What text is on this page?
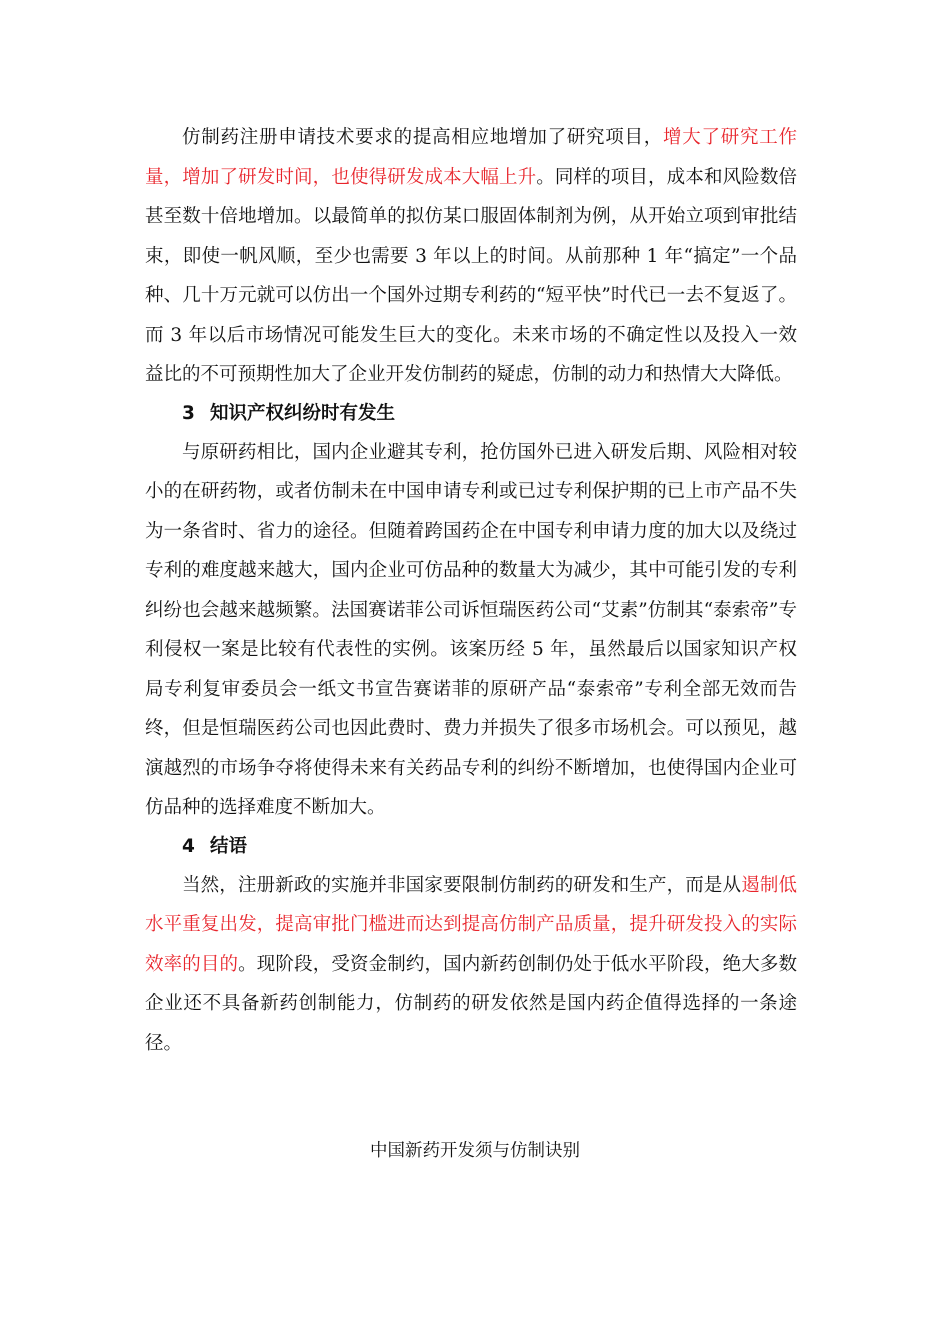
仿制药注册申请技术要求的提高相应地增加了研究项目，增大了研究工作量，增加了研发时间，也使得研发成本大幅上升。同样的项目，成本和风险数倍甚至数十倍地增加。以最简单的拟仿某口服固体制剂为例，从开始立项到审批结束，即使一帆风顺，至少也需要 3 年以上的时间。从前那种 1 年“搞定”一个品种、几十万元就可以仿出一个国外过期专利药的“短平快”时代已一去不复返了。而 3 年以后市场情况可能发生巨大的变化。未来市场的不确定性以及投入一效益比的不可预期性加大了企业开发仿制药的疑虑，仿制的动力和热情大大降低。

3 知识产权纠纷时有发生

与原研药相比，国内企业避其专利，抢仿国外已进入研发后期、风险相对较小的在研药物，或者仿制未在中国申请专利或已过专利保护期的已上市产品不失为一条省时、省力的途径。但随着跨国药企在中国专利申请力度的加大以及绕过专利的难度越来越大，国内企业可仿品种的数量大为减少，其中可能引发的专利纠纷也会越来越频繁。法国赛诺菲公司诉恒瑞医药公司“艾素”仿制其“泰索帝”专利侵权一案是比较有代表性的实例。该案历经 5 年，虽然最后以国家知识产权局专利复审委员会一纸文书宣告赛诺菲的原研产品“泰索帝”专利全部无效而告终，但是恒瑞医药公司也因此费时、费力并损失了很多市场机会。可以预见，越演越烈的市场争夺将使得未来有关药品专利的纠纷不断增加，也使得国内企业可仿品种的选择难度不断加大。

4 结语

当然，注册新政的实施并非国家要限制仿制药的研发和生产，而是从遏制低水平重复出发，提高审批门槛进而达到提高仿制产品质量，提升研发投入的实际效率的目的。现阶段，受资金制约，国内新药创制仍处于低水平阶段，绝大多数企业还不具备新药创制能力，仿制药的研发依然是国内药企值得选择的一条途径。

中国新药开发须与仿制诀别
